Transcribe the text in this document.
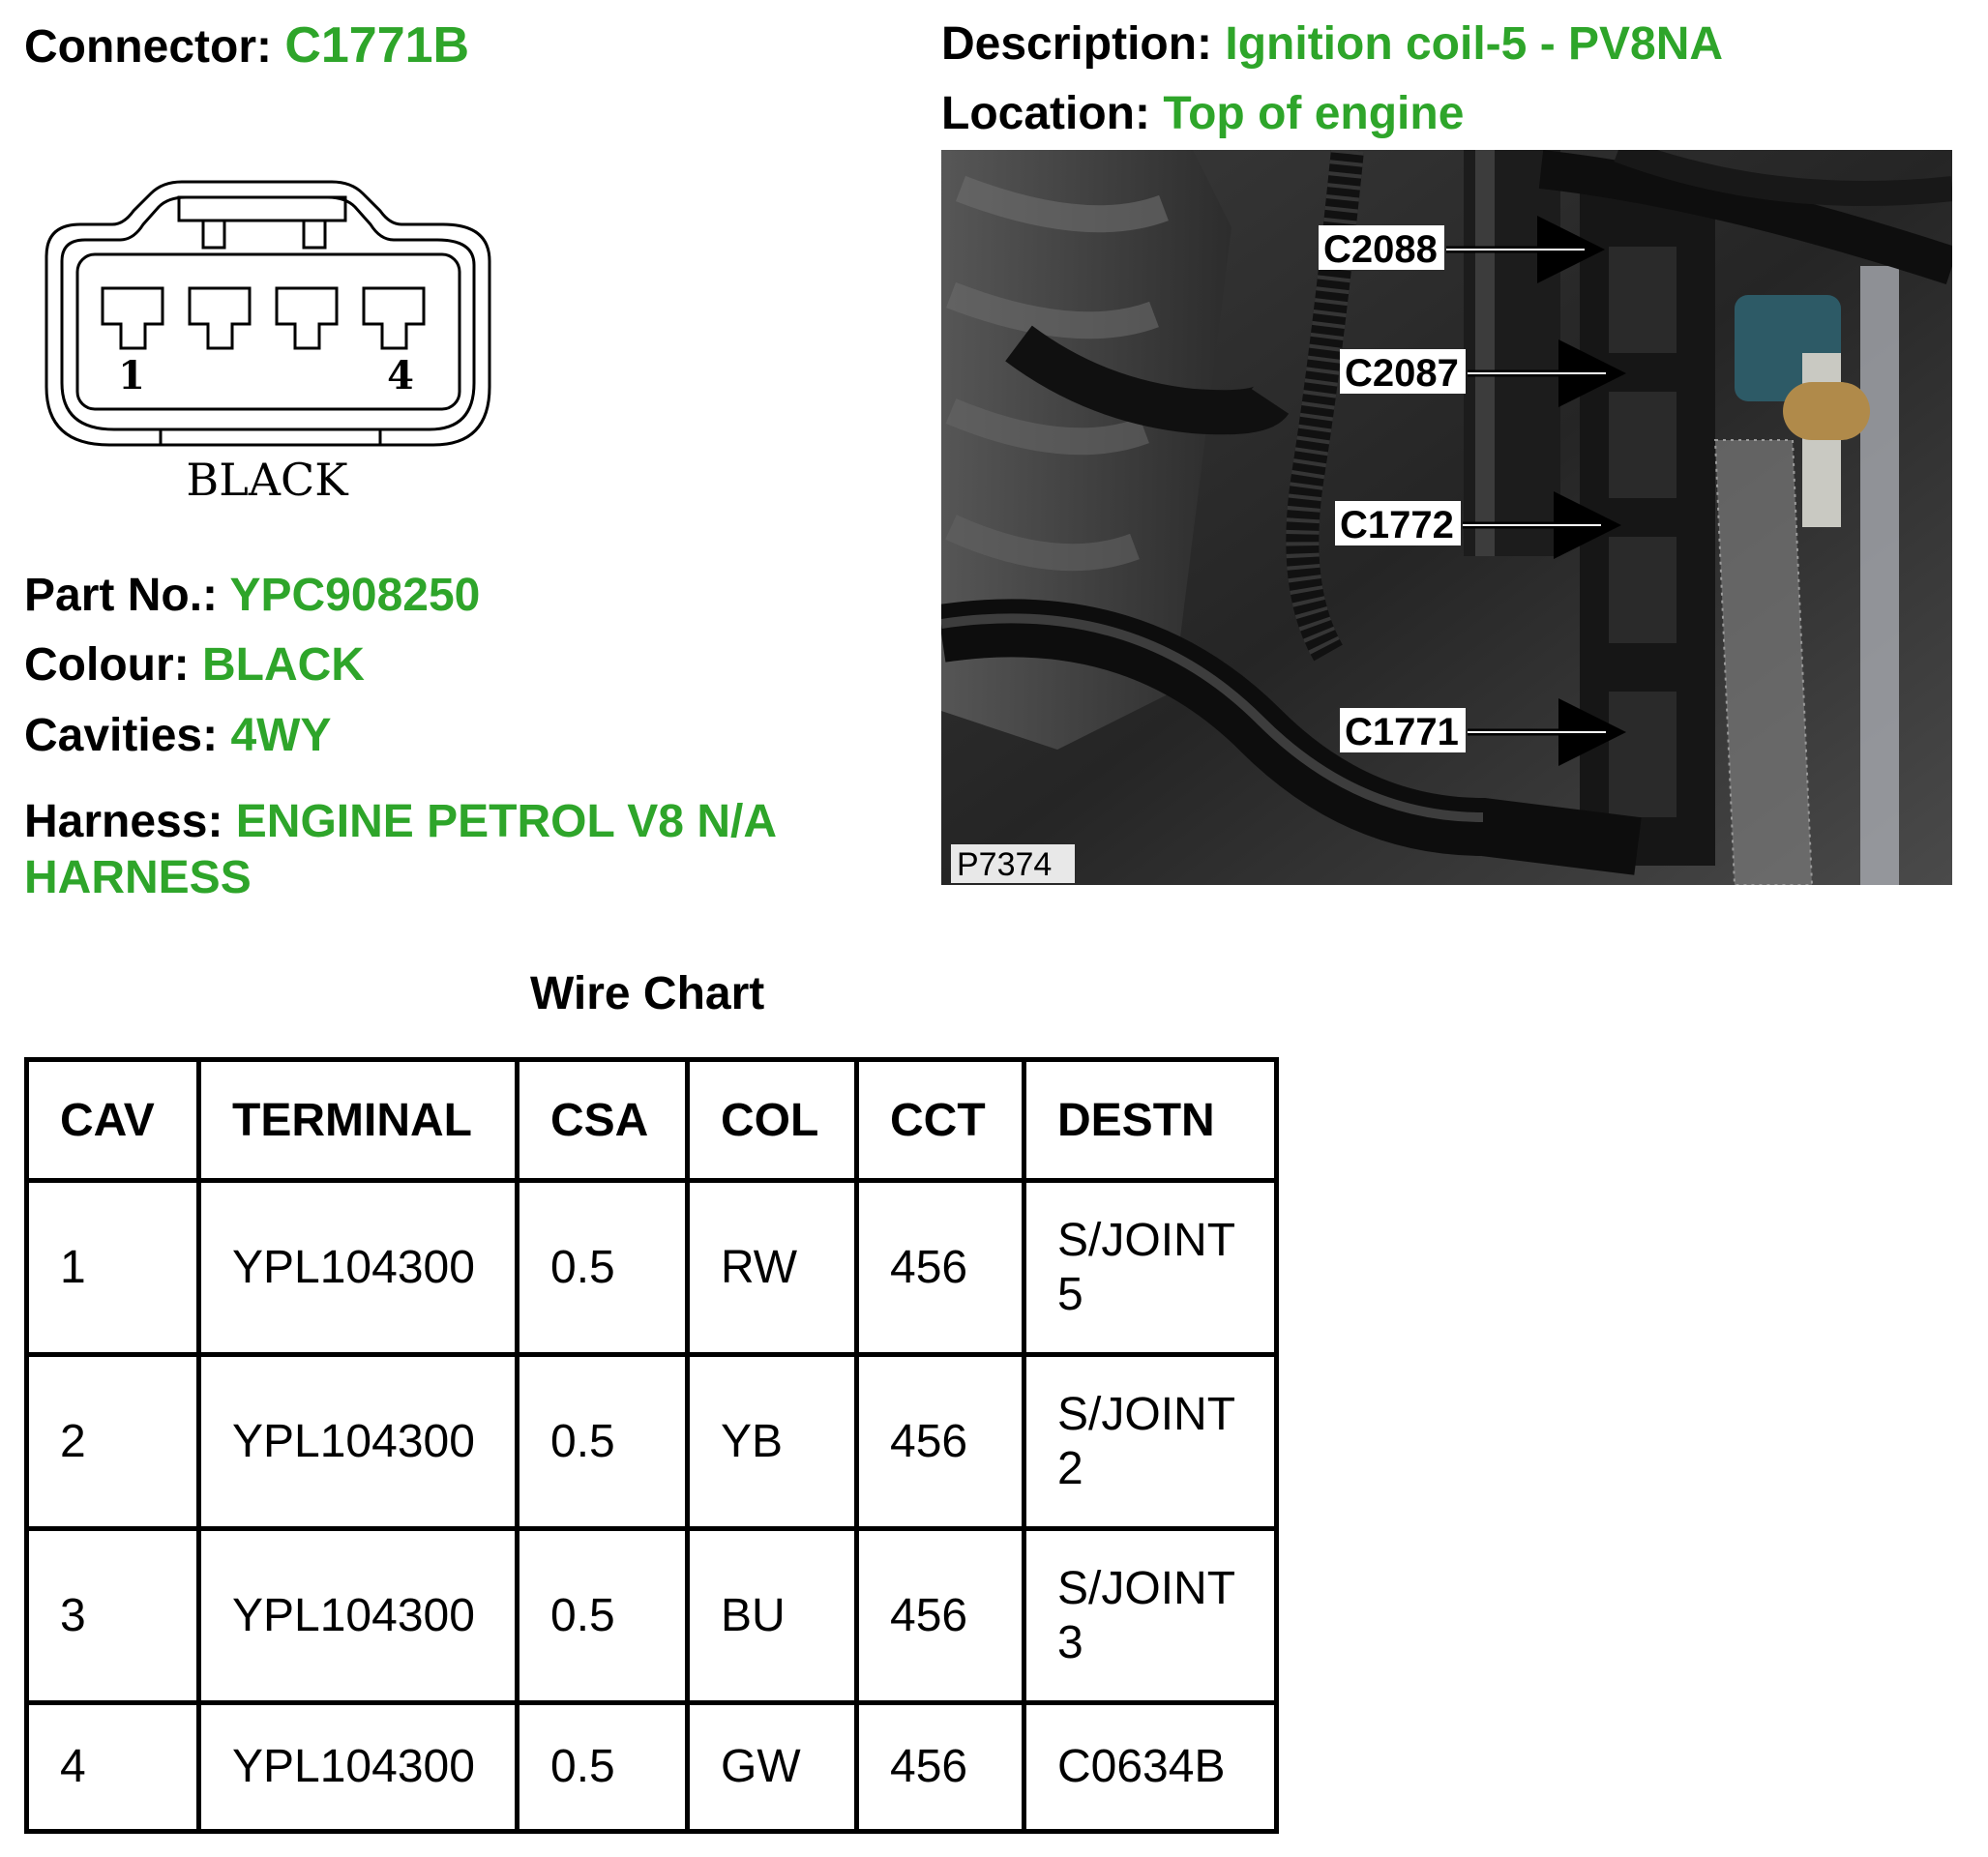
Connector: C1771B	Description: Ignition coil-5 - PV8NA
Location: Top of engine
1	4
BLACK
C2088
C2087
C1772
C1771
P7374
Part No.: YPC908250
Colour: BLACK
Cavities: 4WY
Harness: ENGINE PETROL V8 N/A
HARNESS
Wire Chart
CAV	TERMINAL	CSA	COL	CCT	DESTN
1	YPL104300	0.5	RW	456	S/JOINT
5
2	YPL104300	0.5	YB	456	S/JOINT
2
3	YPL104300	0.5	BU	456	S/JOINT
3
4	YPL104300	0.5	GW	456	C0634B
